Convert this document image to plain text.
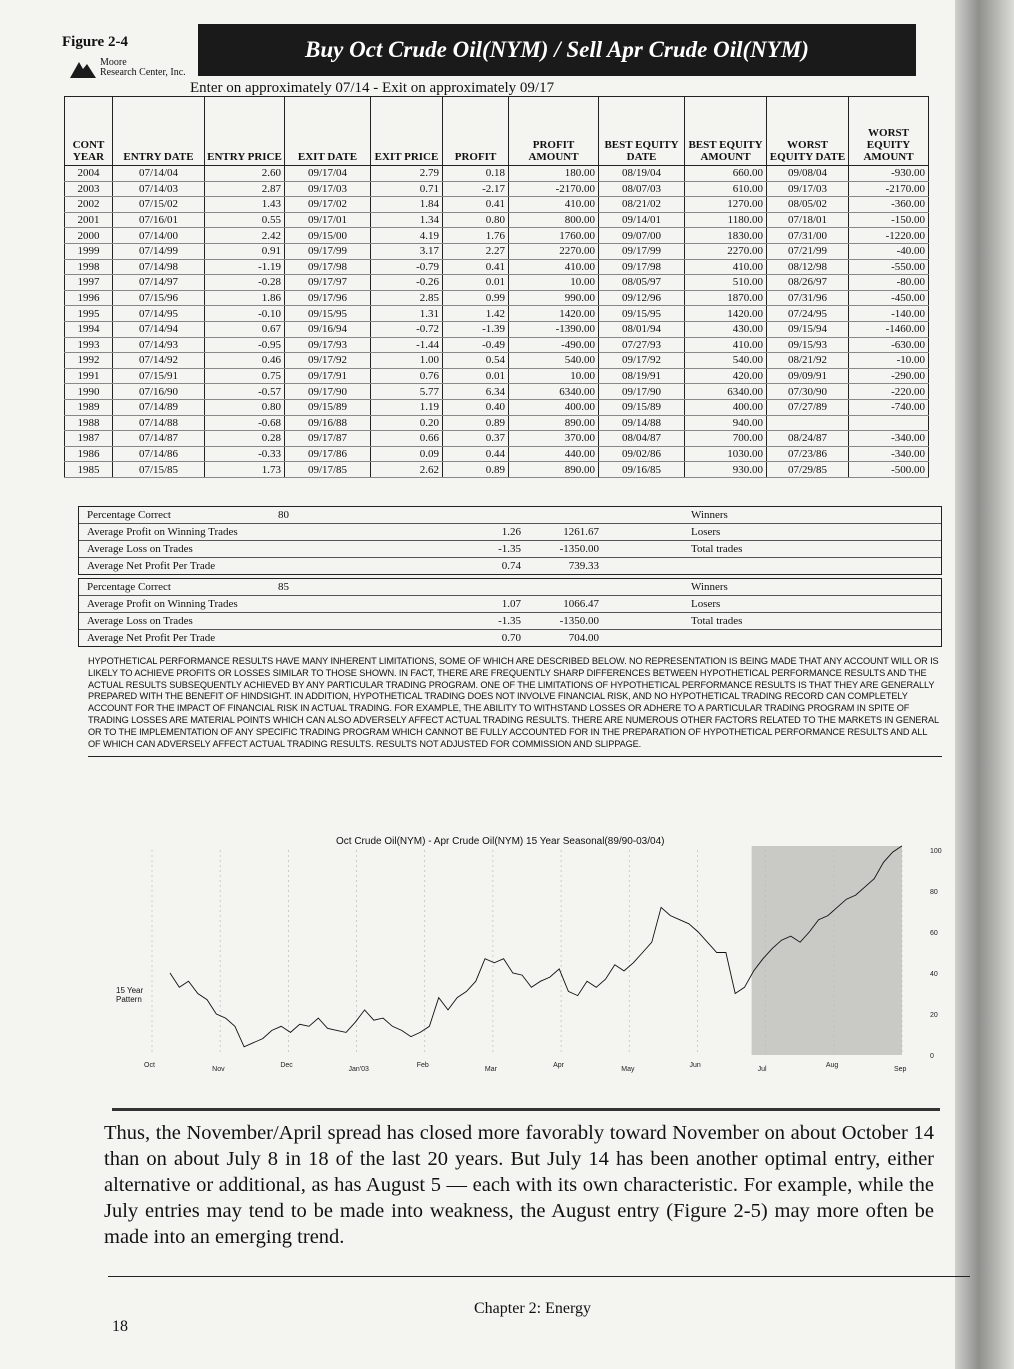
Figure 2-4
Moore
Research Center, Inc.
Buy Oct Crude Oil(NYM) / Sell Apr Crude Oil(NYM)
Enter on approximately 07/14 - Exit on approximately 09/17
CONT YEAR	ENTRY DATE	ENTRY PRICE	EXIT DATE	EXIT PRICE	PROFIT	PROFIT AMOUNT	BEST EQUITY DATE	BEST EQUITY AMOUNT	WORST EQUITY DATE	WORST EQUITY AMOUNT
2004	07/14/04	2.60	09/17/04	2.79	0.18	180.00	08/19/04	660.00	09/08/04	-930.00
2003	07/14/03	2.87	09/17/03	0.71	-2.17	-2170.00	08/07/03	610.00	09/17/03	-2170.00
2002	07/15/02	1.43	09/17/02	1.84	0.41	410.00	08/21/02	1270.00	08/05/02	-360.00
2001	07/16/01	0.55	09/17/01	1.34	0.80	800.00	09/14/01	1180.00	07/18/01	-150.00
2000	07/14/00	2.42	09/15/00	4.19	1.76	1760.00	09/07/00	1830.00	07/31/00	-1220.00
1999	07/14/99	0.91	09/17/99	3.17	2.27	2270.00	09/17/99	2270.00	07/21/99	-40.00
1998	07/14/98	-1.19	09/17/98	-0.79	0.41	410.00	09/17/98	410.00	08/12/98	-550.00
1997	07/14/97	-0.28	09/17/97	-0.26	0.01	10.00	08/05/97	510.00	08/26/97	-80.00
1996	07/15/96	1.86	09/17/96	2.85	0.99	990.00	09/12/96	1870.00	07/31/96	-450.00
1995	07/14/95	-0.10	09/15/95	1.31	1.42	1420.00	09/15/95	1420.00	07/24/95	-140.00
1994	07/14/94	0.67	09/16/94	-0.72	-1.39	-1390.00	08/01/94	430.00	09/15/94	-1460.00
1993	07/14/93	-0.95	09/17/93	-1.44	-0.49	-490.00	07/27/93	410.00	09/15/93	-630.00
1992	07/14/92	0.46	09/17/92	1.00	0.54	540.00	09/17/92	540.00	08/21/92	-10.00
1991	07/15/91	0.75	09/17/91	0.76	0.01	10.00	08/19/91	420.00	09/09/91	-290.00
1990	07/16/90	-0.57	09/17/90	5.77	6.34	6340.00	09/17/90	6340.00	07/30/90	-220.00
1989	07/14/89	0.80	09/15/89	1.19	0.40	400.00	09/15/89	400.00	07/27/89	-740.00
1988	07/14/88	-0.68	09/16/88	0.20	0.89	890.00	09/14/88	940.00		
1987	07/14/87	0.28	09/17/87	0.66	0.37	370.00	08/04/87	700.00	08/24/87	-340.00
1986	07/14/86	-0.33	09/17/86	0.09	0.44	440.00	09/02/86	1030.00	07/23/86	-340.00
1985	07/15/85	1.73	09/17/85	2.62	0.89	890.00	09/16/85	930.00	07/29/85	-500.00
Percentage Correct	80	Winners
Average Profit on Winning Trades	1.26	1261.67	Losers
Average Loss on Trades	-1.35	-1350.00	Total trades
Average Net Profit Per Trade	0.74	739.33
Percentage Correct	85	Winners
Average Profit on Winning Trades	1.07	1066.47	Losers
Average Loss on Trades	-1.35	-1350.00	Total trades
Average Net Profit Per Trade	0.70	704.00
HYPOTHETICAL PERFORMANCE RESULTS HAVE MANY INHERENT LIMITATIONS, SOME OF WHICH ARE DESCRIBED BELOW. NO REPRESENTATION IS BEING MADE THAT ANY ACCOUNT WILL OR IS LIKELY TO ACHIEVE PROFITS OR LOSSES SIMILAR TO THOSE SHOWN. IN FACT, THERE ARE FREQUENTLY SHARP DIFFERENCES BETWEEN HYPOTHETICAL PERFORMANCE RESULTS AND THE ACTUAL RESULTS SUBSEQUENTLY ACHIEVED BY ANY PARTICULAR TRADING PROGRAM. ONE OF THE LIMITATIONS OF HYPOTHETICAL PERFORMANCE RESULTS IS THAT THEY ARE GENERALLY PREPARED WITH THE BENEFIT OF HINDSIGHT. IN ADDITION, HYPOTHETICAL TRADING DOES NOT INVOLVE FINANCIAL RISK, AND NO HYPOTHETICAL TRADING RECORD CAN COMPLETELY ACCOUNT FOR THE IMPACT OF FINANCIAL RISK IN ACTUAL TRADING. FOR EXAMPLE, THE ABILITY TO WITHSTAND LOSSES OR ADHERE TO A PARTICULAR TRADING PROGRAM IN SPITE OF TRADING LOSSES ARE MATERIAL POINTS WHICH CAN ALSO ADVERSELY AFFECT ACTUAL TRADING RESULTS. THERE ARE NUMEROUS OTHER FACTORS RELATED TO THE MARKETS IN GENERAL OR TO THE IMPLEMENTATION OF ANY SPECIFIC TRADING PROGRAM WHICH CANNOT BE FULLY ACCOUNTED FOR IN THE PREPARATION OF HYPOTHETICAL PERFORMANCE RESULTS AND ALL OF WHICH CAN ADVERSELY AFFECT ACTUAL TRADING RESULTS. RESULTS NOT ADJUSTED FOR COMMISSION AND SLIPPAGE.
Oct Crude Oil(NYM) - Apr Crude Oil(NYM) 15 Year Seasonal(89/90-03/04)
15 Year Pattern
Oct
Nov
Dec
Jan'03
Feb
Mar
Apr
May
Jun
Jul
Aug
Sep
0
20
40
60
80
100
Thus, the November/April spread has closed more favorably toward November on about October 14 than on about July 8 in 18 of the last 20 years. But July 14 has been another optimal entry, either alternative or additional, as has August 5 — each with its own characteristic. For example, while the July entries may tend to be made into weakness, the August entry (Figure 2-5) may more often be made into an emerging trend.
18
Chapter 2: Energy
